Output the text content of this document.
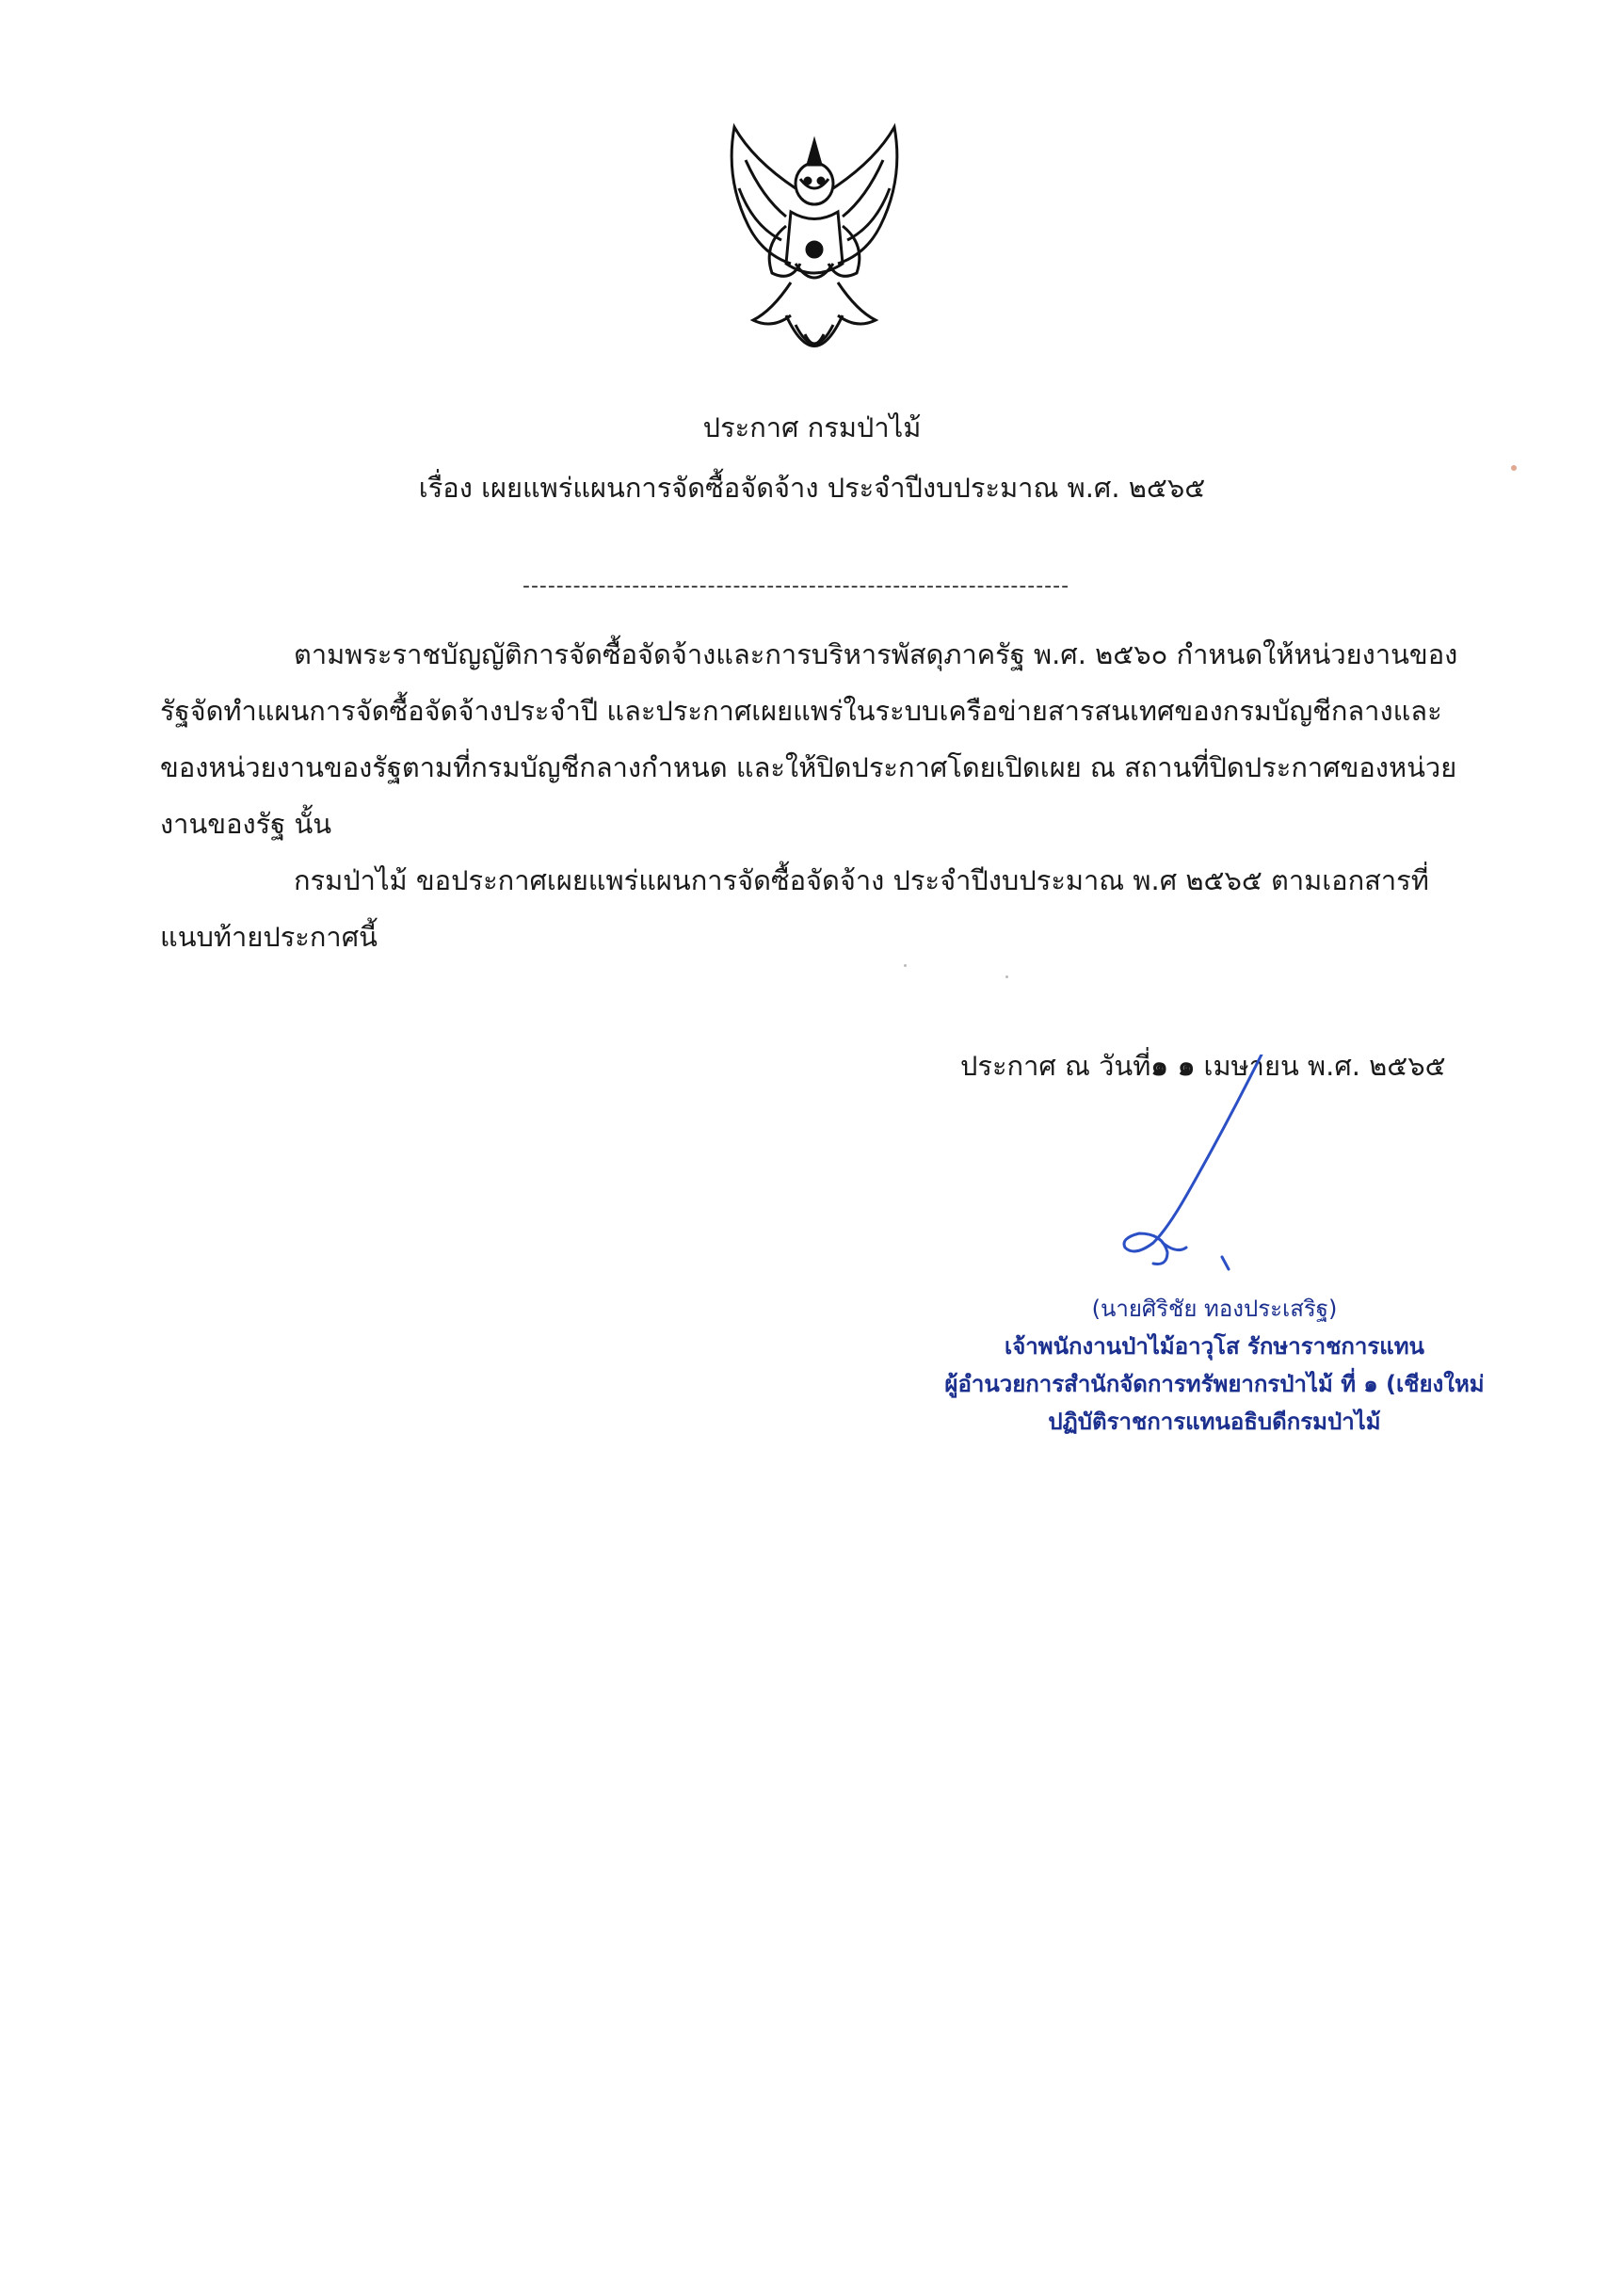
ประกาศ กรมป่าไม้
เรื่อง เผยแพร่แผนการจัดซื้อจัดจ้าง ประจำปีงบประมาณ พ.ศ. ๒๕๖๕
-----------------------------------------------------------------
ตามพระราชบัญญัติการจัดซื้อจัดจ้างและการบริหารพัสดุภาครัฐ พ.ศ. ๒๕๖๐ กำหนดให้หน่วยงานของรัฐจัดทำแผนการจัดซื้อจัดจ้างประจำปี และประกาศเผยแพร่ในระบบเครือข่ายสารสนเทศของกรมบัญชีกลางและของหน่วยงานของรัฐตามที่กรมบัญชีกลางกำหนด และให้ปิดประกาศโดยเปิดเผย ณ สถานที่ปิดประกาศของหน่วยงานของรัฐ นั้น
กรมป่าไม้ ขอประกาศเผยแพร่แผนการจัดซื้อจัดจ้าง ประจำปีงบประมาณ พ.ศ ๒๕๖๕ ตามเอกสารที่แนบท้ายประกาศนี้
ประกาศ ณ วันที่๑ ๑ เมษายน พ.ศ. ๒๕๖๕
(นายศิริชัย ทองประเสริฐ)
เจ้าพนักงานป่าไม้อาวุโส รักษาราชการแทน
ผู้อำนวยการสำนักจัดการทรัพยากรป่าไม้ ที่ ๑ (เชียงใหม่
ปฏิบัติราชการแทนอธิบดีกรมป่าไม้
